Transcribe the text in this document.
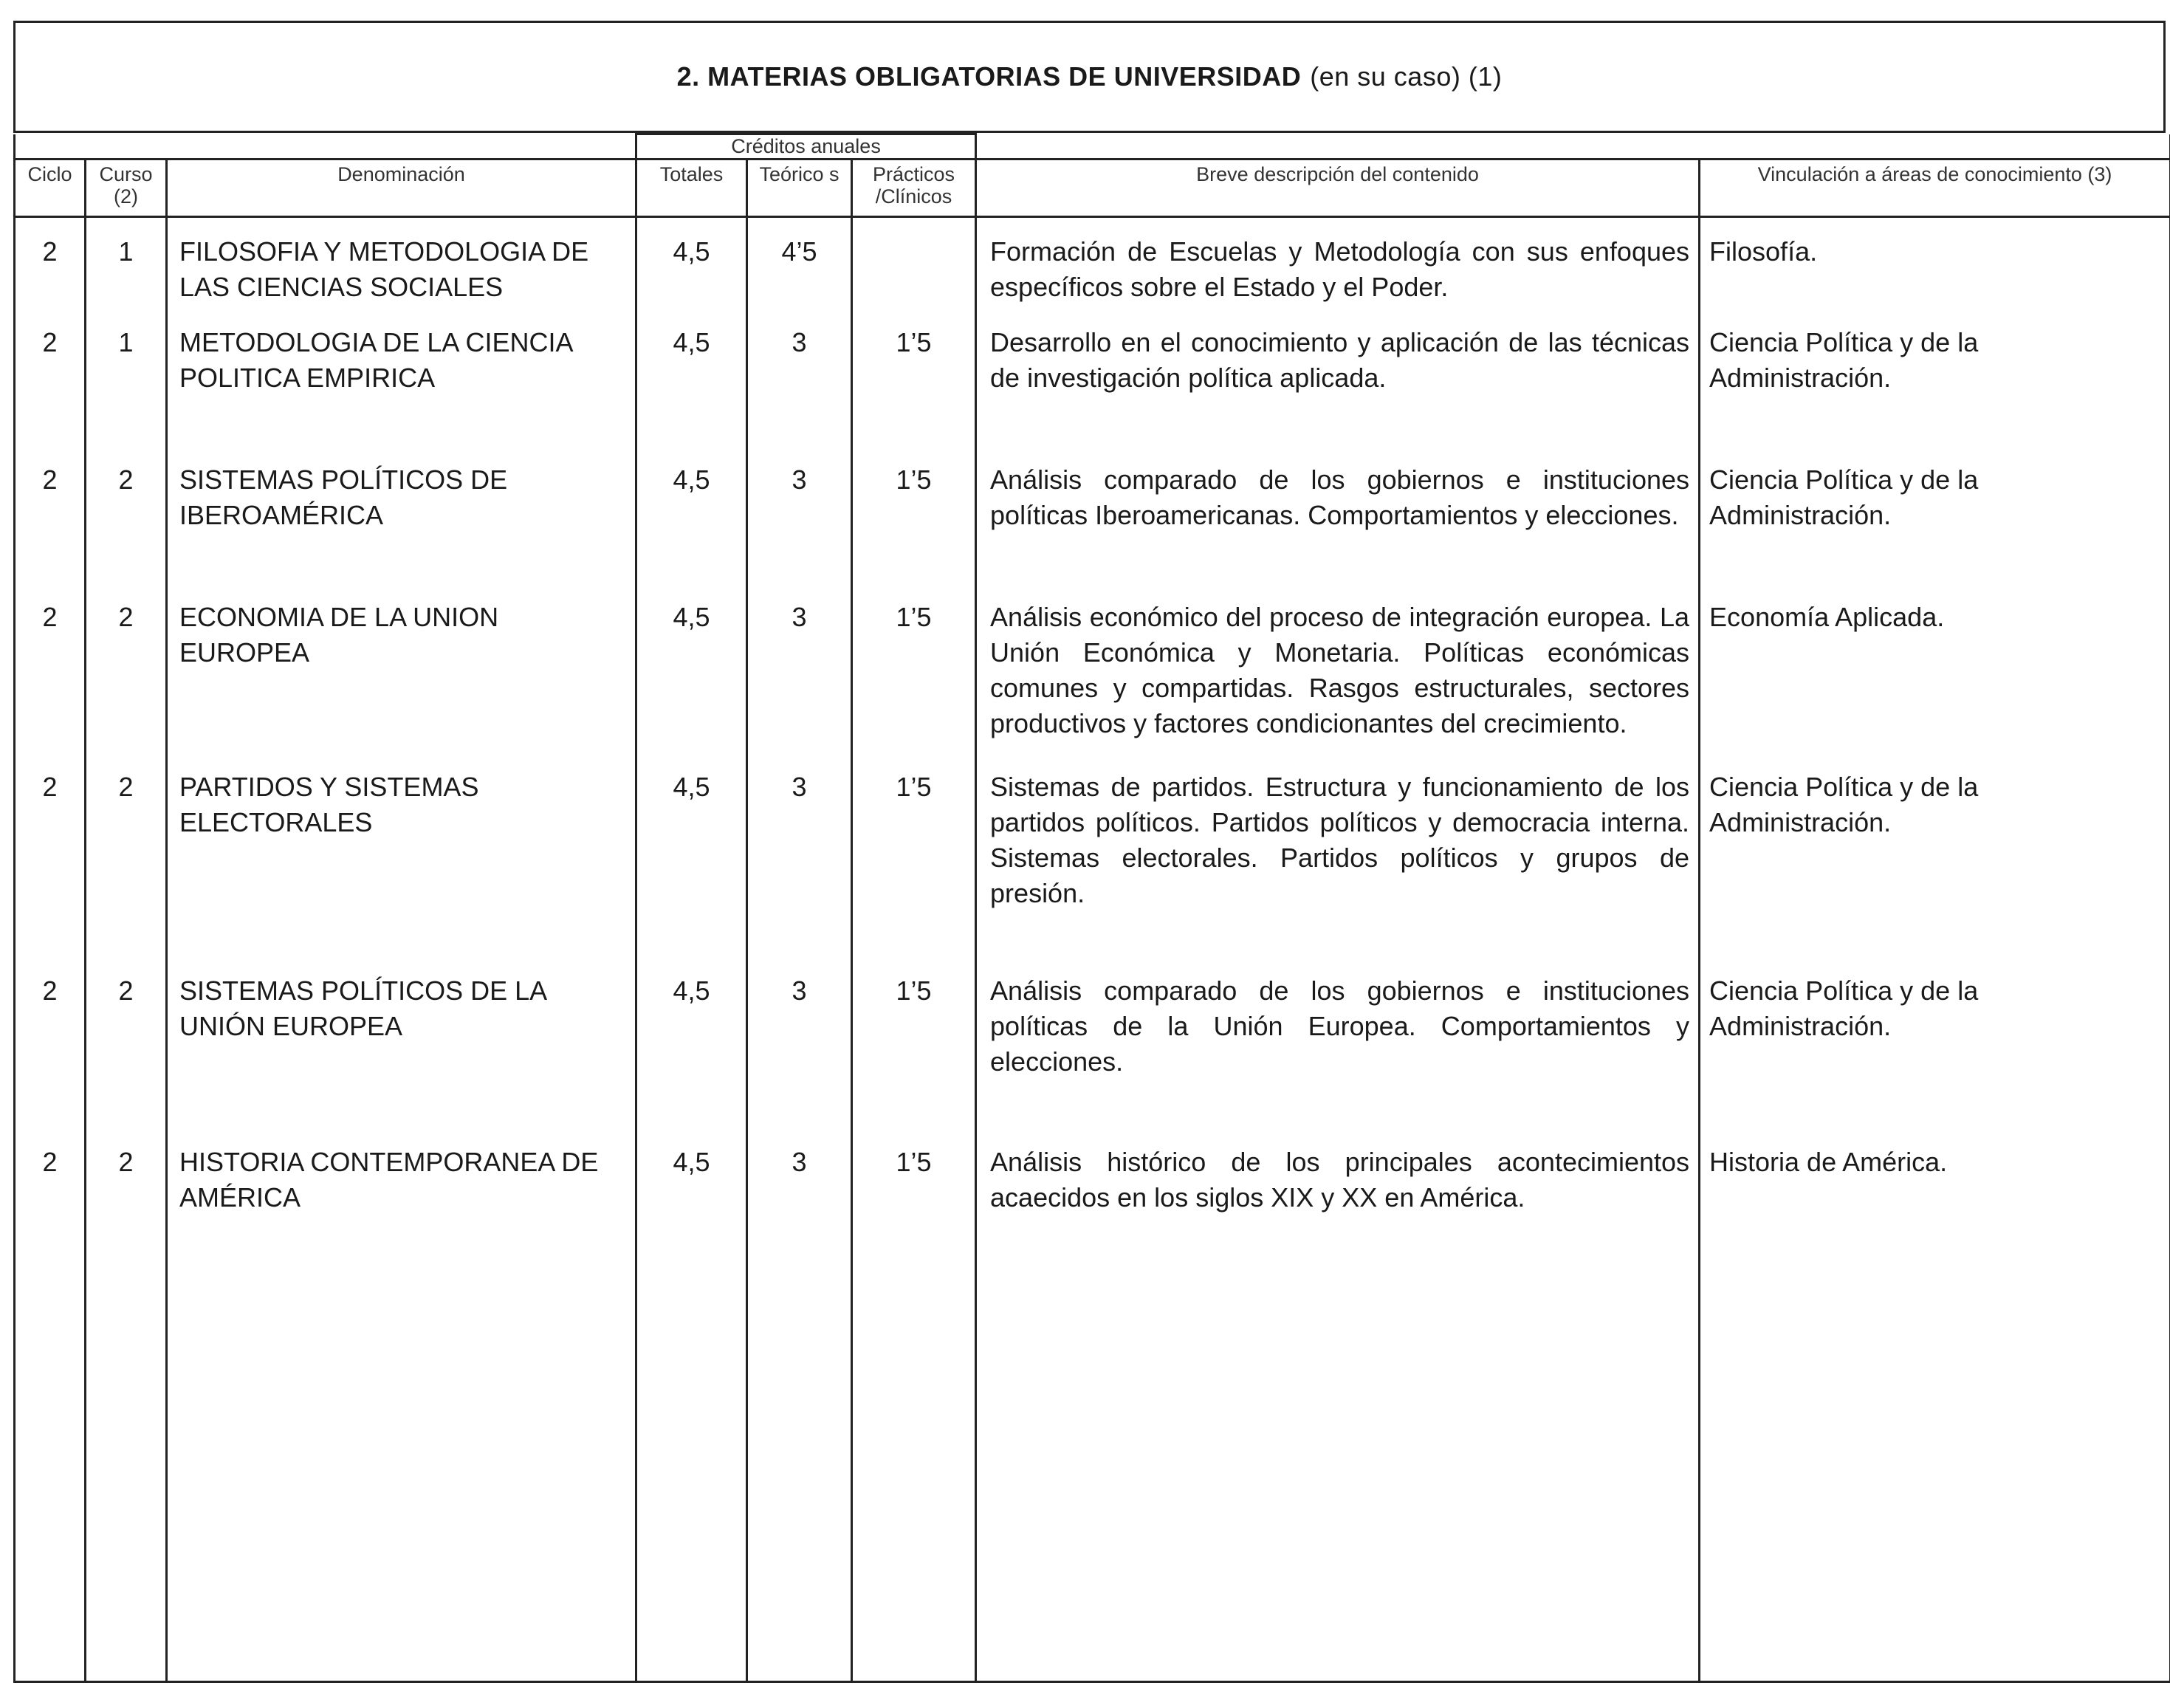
2. MATERIAS OBLIGATORIAS DE UNIVERSIDAD (en su caso) (1)
			Créditos anuales				
Ciclo	Curso (2)	Denominación	Totales	Teórico s	Prácticos /Clínicos	Breve descripción del contenido	Vinculación a áreas de conocimiento (3)
2	1	FILOSOFIA Y METODOLOGIA DE LAS CIENCIAS SOCIALES	4,5	4’5		Formación de Escuelas y Metodología con sus enfoques específicos sobre el Estado y el Poder.	Filosofía.
2	1	METODOLOGIA DE LA CIENCIA POLITICA EMPIRICA	4,5	3	1’5	Desarrollo en el conocimiento y aplicación de las técnicas de investigación política aplicada.	Ciencia Política y de la Administración.
2	2	SISTEMAS POLÍTICOS DE IBEROAMÉRICA	4,5	3	1’5	Análisis comparado de los gobiernos e instituciones políticas Iberoamericanas. Comportamientos y elecciones.	Ciencia Política y de la Administración.
2	2	ECONOMIA DE LA UNION EUROPEA	4,5	3	1’5	Análisis económico del proceso de integración europea. La Unión Económica y Monetaria. Políticas económicas comunes y compartidas. Rasgos estructurales, sectores productivos y factores condicionantes del crecimiento.	Economía Aplicada.
2	2	PARTIDOS Y SISTEMAS ELECTORALES	4,5	3	1’5	Sistemas de partidos. Estructura y funcionamiento de los partidos políticos. Partidos políticos y democracia interna. Sistemas electorales. Partidos políticos y grupos de presión.	Ciencia Política y de la Administración.
2	2	SISTEMAS POLÍTICOS DE LA UNIÓN EUROPEA	4,5	3	1’5	Análisis comparado de los gobiernos e instituciones políticas de la Unión Europea. Comportamientos y elecciones.	Ciencia Política y de la Administración.
2	2	HISTORIA CONTEMPORANEA DE AMÉRICA	4,5	3	1’5	Análisis histórico de los principales acontecimientos acaecidos en los siglos XIX y XX en América.	Historia de América.
